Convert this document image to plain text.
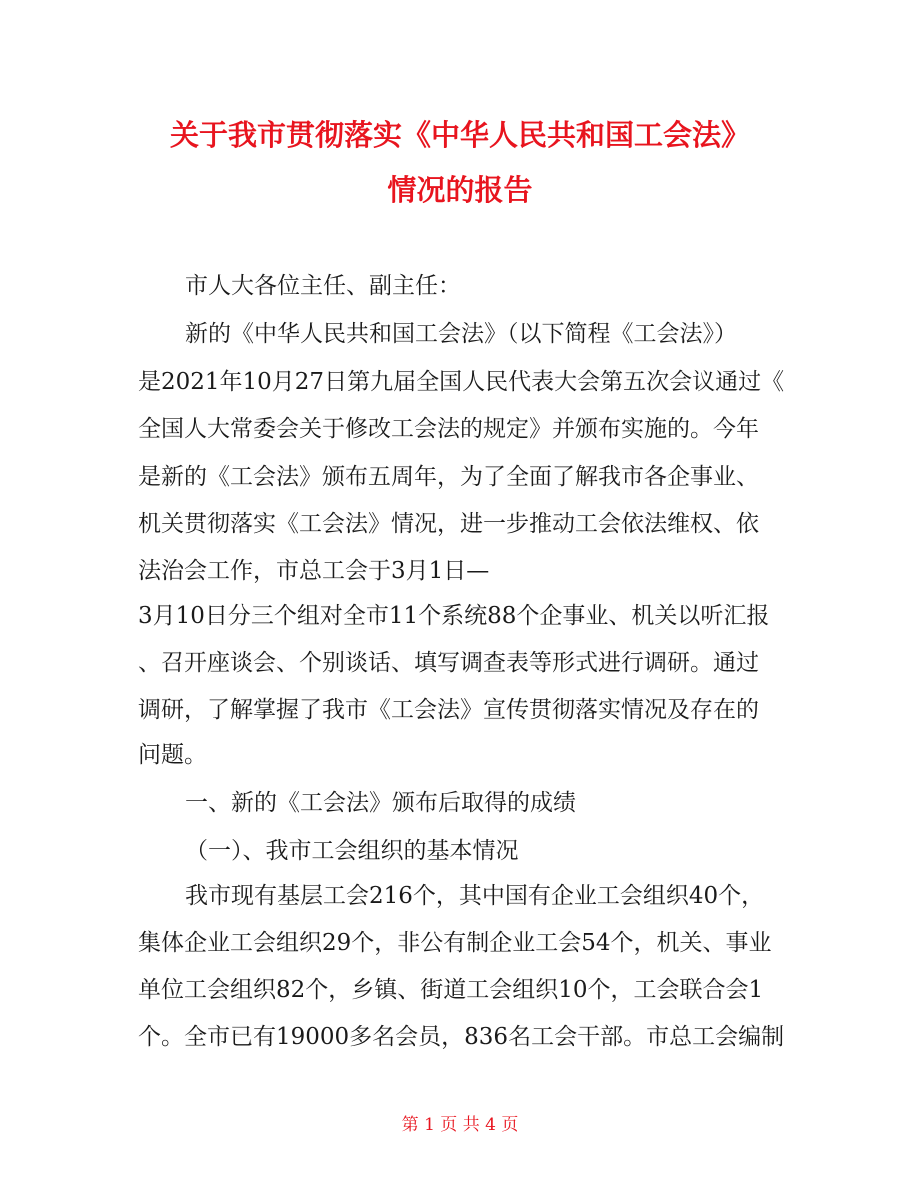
关于我市贯彻落实《中华人民共和国工会法》
情况的报告
市人大各位主任、副主任：
新的《中华人民共和国工会法》（以下简程《工会法》）
是2021年10月27日第九届全国人民代表大会第五次会议通过《
全国人大常委会关于修改工会法的规定》并颁布实施的。今年
是新的《工会法》颁布五周年，为了全面了解我市各企事业、
机关贯彻落实《工会法》情况，进一步推动工会依法维权、依
法治会工作，市总工会于3月1日—
3月10日分三个组对全市11个系统88个企事业、机关以听汇报
、召开座谈会、个别谈话、填写调查表等形式进行调研。通过
调研，了解掌握了我市《工会法》宣传贯彻落实情况及存在的
问题。
一、新的《工会法》颁布后取得的成绩
（一）、我市工会组织的基本情况
我市现有基层工会216个，其中国有企业工会组织40个，
集体企业工会组织29个，非公有制企业工会54个，机关、事业
单位工会组织82个，乡镇、街道工会组织10个，工会联合会1
个。全市已有19000多名会员，836名工会干部。市总工会编制
第 1 页 共 4 页
